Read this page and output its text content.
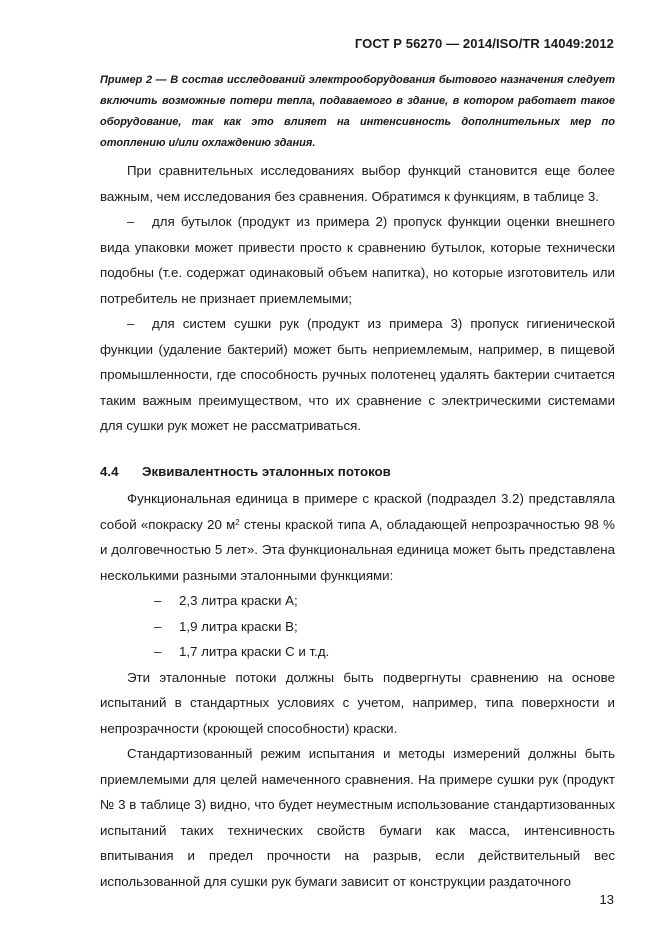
ГОСТ Р 56270 — 2014/ISO/TR 14049:2012
Пример 2 — В состав исследований электрооборудования бытового назначения следует включить возможные потери тепла, подаваемого в здание, в котором работает такое оборудование, так как это влияет на интенсивность дополнительных мер по отоплению и/или охлаждению здания.

При сравнительных исследованиях выбор функций становится еще более важным, чем исследования без сравнения. Обратимся к функциям, в таблице 3.

– для бутылок (продукт из примера 2) пропуск функции оценки внешнего вида упаковки может привести просто к сравнению бутылок, которые технически подобны (т.е. содержат одинаковый объем напитка), но которые изготовитель или потребитель не признает приемлемыми;

– для систем сушки рук (продукт из примера 3) пропуск гигиенической функции (удаление бактерий) может быть неприемлемым, например, в пищевой промышленности, где способность ручных полотенец удалять бактерии считается таким важным преимуществом, что их сравнение с электрическими системами для сушки рук может не рассматриваться.

4.4 Эквивалентность эталонных потоков

Функциональная единица в примере с краской (подраздел 3.2) представляла собой «покраску 20 $м^2$ стены краской типа А, обладающей непрозрачностью 98 % и долговечностью 5 лет». Эта функциональная единица может быть представлена несколькими разными эталонными функциями:

– 2,3 литра краски А;

– 1,9 литра краски В;

– 1,7 литра краски С и т.д.

Эти эталонные потоки должны быть подвергнуты сравнению на основе испытаний в стандартных условиях с учетом, например, типа поверхности и непрозрачности (кроющей способности) краски.

Стандартизованный режим испытания и методы измерений должны быть приемлемыми для целей намеченного сравнения. На примере сушки рук (продукт № 3 в таблице 3) видно, что будет неуместным использование стандартизованных испытаний таких технических свойств бумаги как масса, интенсивность впитывания и предел прочности на разрыв, если действительный вес использованной для сушки рук бумаги зависит от конструкции раздаточного

13
